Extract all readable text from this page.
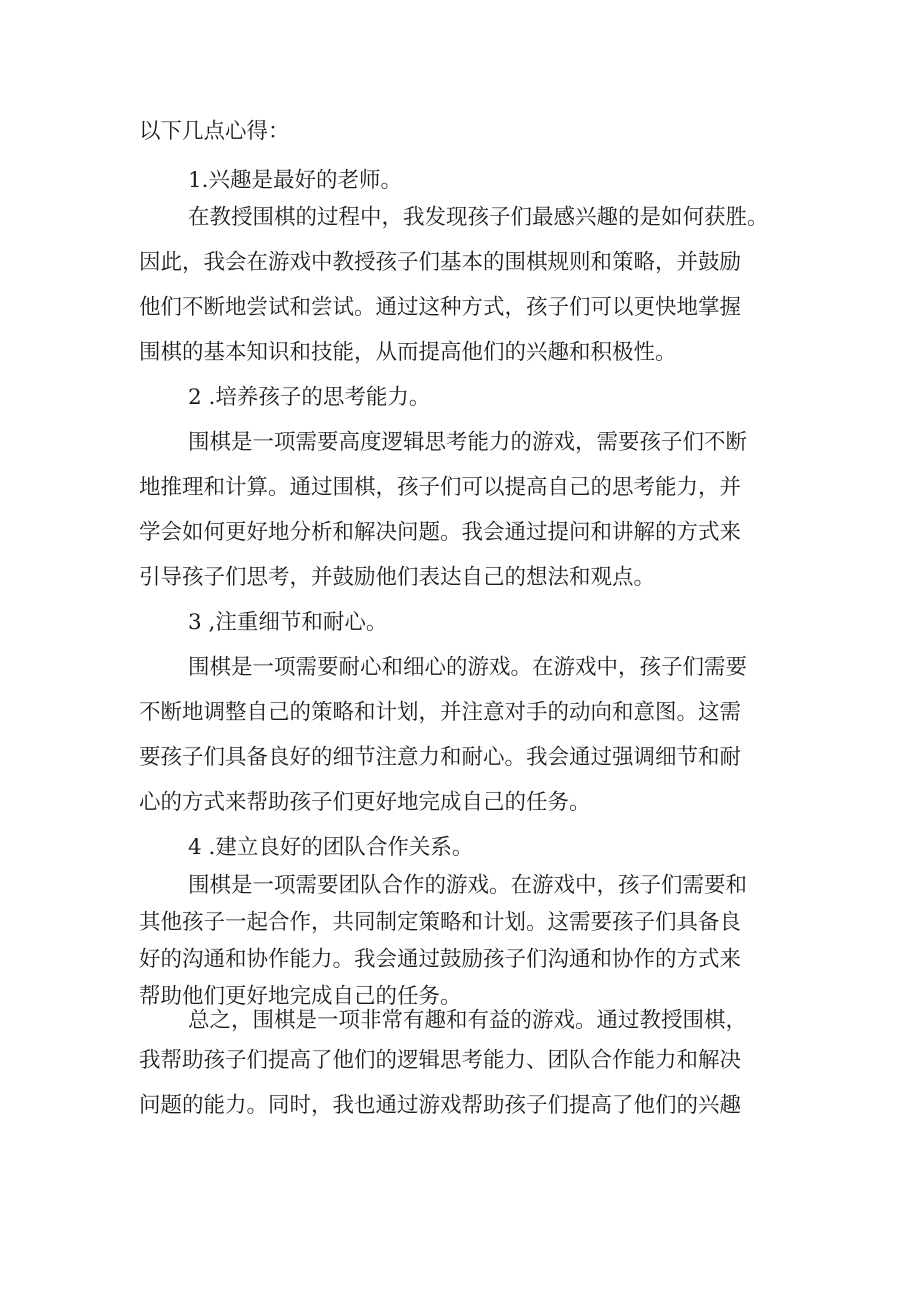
以下几点心得：
1.兴趣是最好的老师。
在教授围棋的过程中，我发现孩子们最感兴趣的是如何获胜。
因此，我会在游戏中教授孩子们基本的围棋规则和策略，并鼓励
他们不断地尝试和尝试。通过这种方式，孩子们可以更快地掌握
围棋的基本知识和技能，从而提高他们的兴趣和积极性。
2 .培养孩子的思考能力。
围棋是一项需要高度逻辑思考能力的游戏，需要孩子们不断
地推理和计算。通过围棋，孩子们可以提高自己的思考能力，并
学会如何更好地分析和解决问题。我会通过提问和讲解的方式来
引导孩子们思考，并鼓励他们表达自己的想法和观点。
3 ,注重细节和耐心。
围棋是一项需要耐心和细心的游戏。在游戏中，孩子们需要
不断地调整自己的策略和计划，并注意对手的动向和意图。这需
要孩子们具备良好的细节注意力和耐心。我会通过强调细节和耐
心的方式来帮助孩子们更好地完成自己的任务。
4 .建立良好的团队合作关系。
围棋是一项需要团队合作的游戏。在游戏中，孩子们需要和
其他孩子一起合作，共同制定策略和计划。这需要孩子们具备良
好的沟通和协作能力。我会通过鼓励孩子们沟通和协作的方式来
帮助他们更好地完成自己的任务。
总之，围棋是一项非常有趣和有益的游戏。通过教授围棋，
我帮助孩子们提高了他们的逻辑思考能力、团队合作能力和解决
问题的能力。同时，我也通过游戏帮助孩子们提高了他们的兴趣
